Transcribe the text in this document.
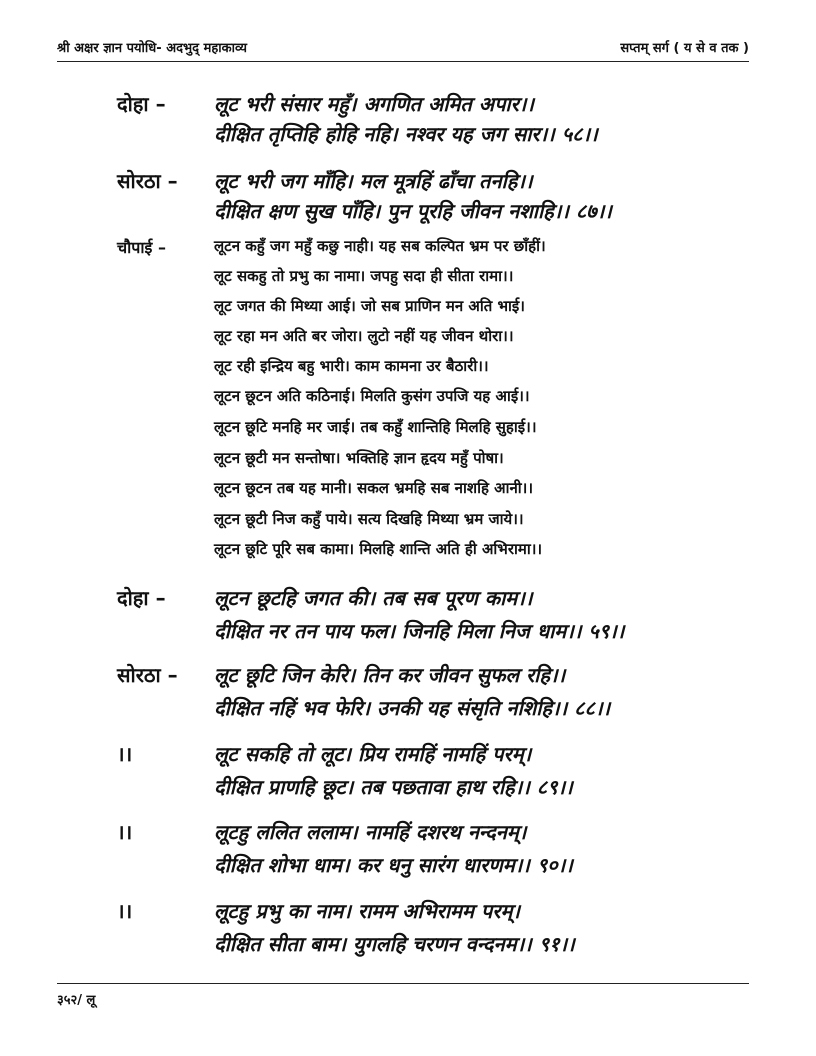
श्री अक्षर ज्ञान पयोधि- अदभुद् महाकाव्य	सप्तम् सर्ग ( य से व तक )
दोहा – लूट भरी संसार महुँ। अगणित अमित अपार।।
दीक्षित तृप्तिहि होहि नहि। नश्वर यह जग सार।। ५८।।
सोरठा – लूट भरी जग माँहि। मल मूत्रहिं ढाँचा तनहि।।
दीक्षित क्षण सुख पाँहि। पुन पूरहि जीवन नशाहि।। ८७।।
चौपाई –	लूटन कहुँ जग महुँ कछु नाही। यह सब कल्पित भ्रम पर छाँहीं।
लूट सकहु तो प्रभु का नामा। जपहु सदा ही सीता रामा।।
लूट जगत की मिथ्या आई। जो सब प्राणिन मन अति भाई।
लूट रहा मन अति बर जोरा। लुटो नहीं यह जीवन थोरा।।
लूट रही इन्द्रिय बहु भारी। काम कामना उर बैठारी।।
लूटन छूटन अति कठिनाई। मिलति कुसंग उपजि यह आई।।
लूटन छूटि मनहि मर जाई। तब कहुँ शान्तिहि मिलहि सुहाई।।
लूटन छूटी मन सन्तोषा। भक्तिहि ज्ञान हृदय महुँ पोषा।
लूटन छूटन तब यह मानी। सकल भ्रमहि सब नाशहि आनी।।
लूटन छूटी निज कहुँ पाये। सत्य दिखहि मिथ्या भ्रम जाये।।
लूटन छूटि पूरि सब कामा। मिलहि शान्ति अति ही अभिरामा।।
दोहा – लूटन छूटहि जगत की। तब सब पूरण काम।।
दीक्षित नर तन पाय फल। जिनहि मिला निज धाम।। ५९।।
सोरठा – लूट छूटि जिन केरि। तिन कर जीवन सुफल रहि।।
दीक्षित नहिं भव फेरि। उनकी यह संसृति नशिहि।। ८८।।
।।	लूट सकहि तो लूट। प्रिय रामहिं नामहिं परम्।
दीक्षित प्राणहि छूट। तब पछतावा हाथ रहि।। ८९।।
।।	लूटहु ललित ललाम। नामहिं दशरथ नन्दनम्।
दीक्षित शोभा धाम। कर धनु सारंग धारणम।। ९०।।
।।	लूटहु प्रभु का नाम। रामम अभिरामम परम्।
दीक्षित सीता बाम। युगलहि चरणन वन्दनम।। ९१।।
३५२/ लू
